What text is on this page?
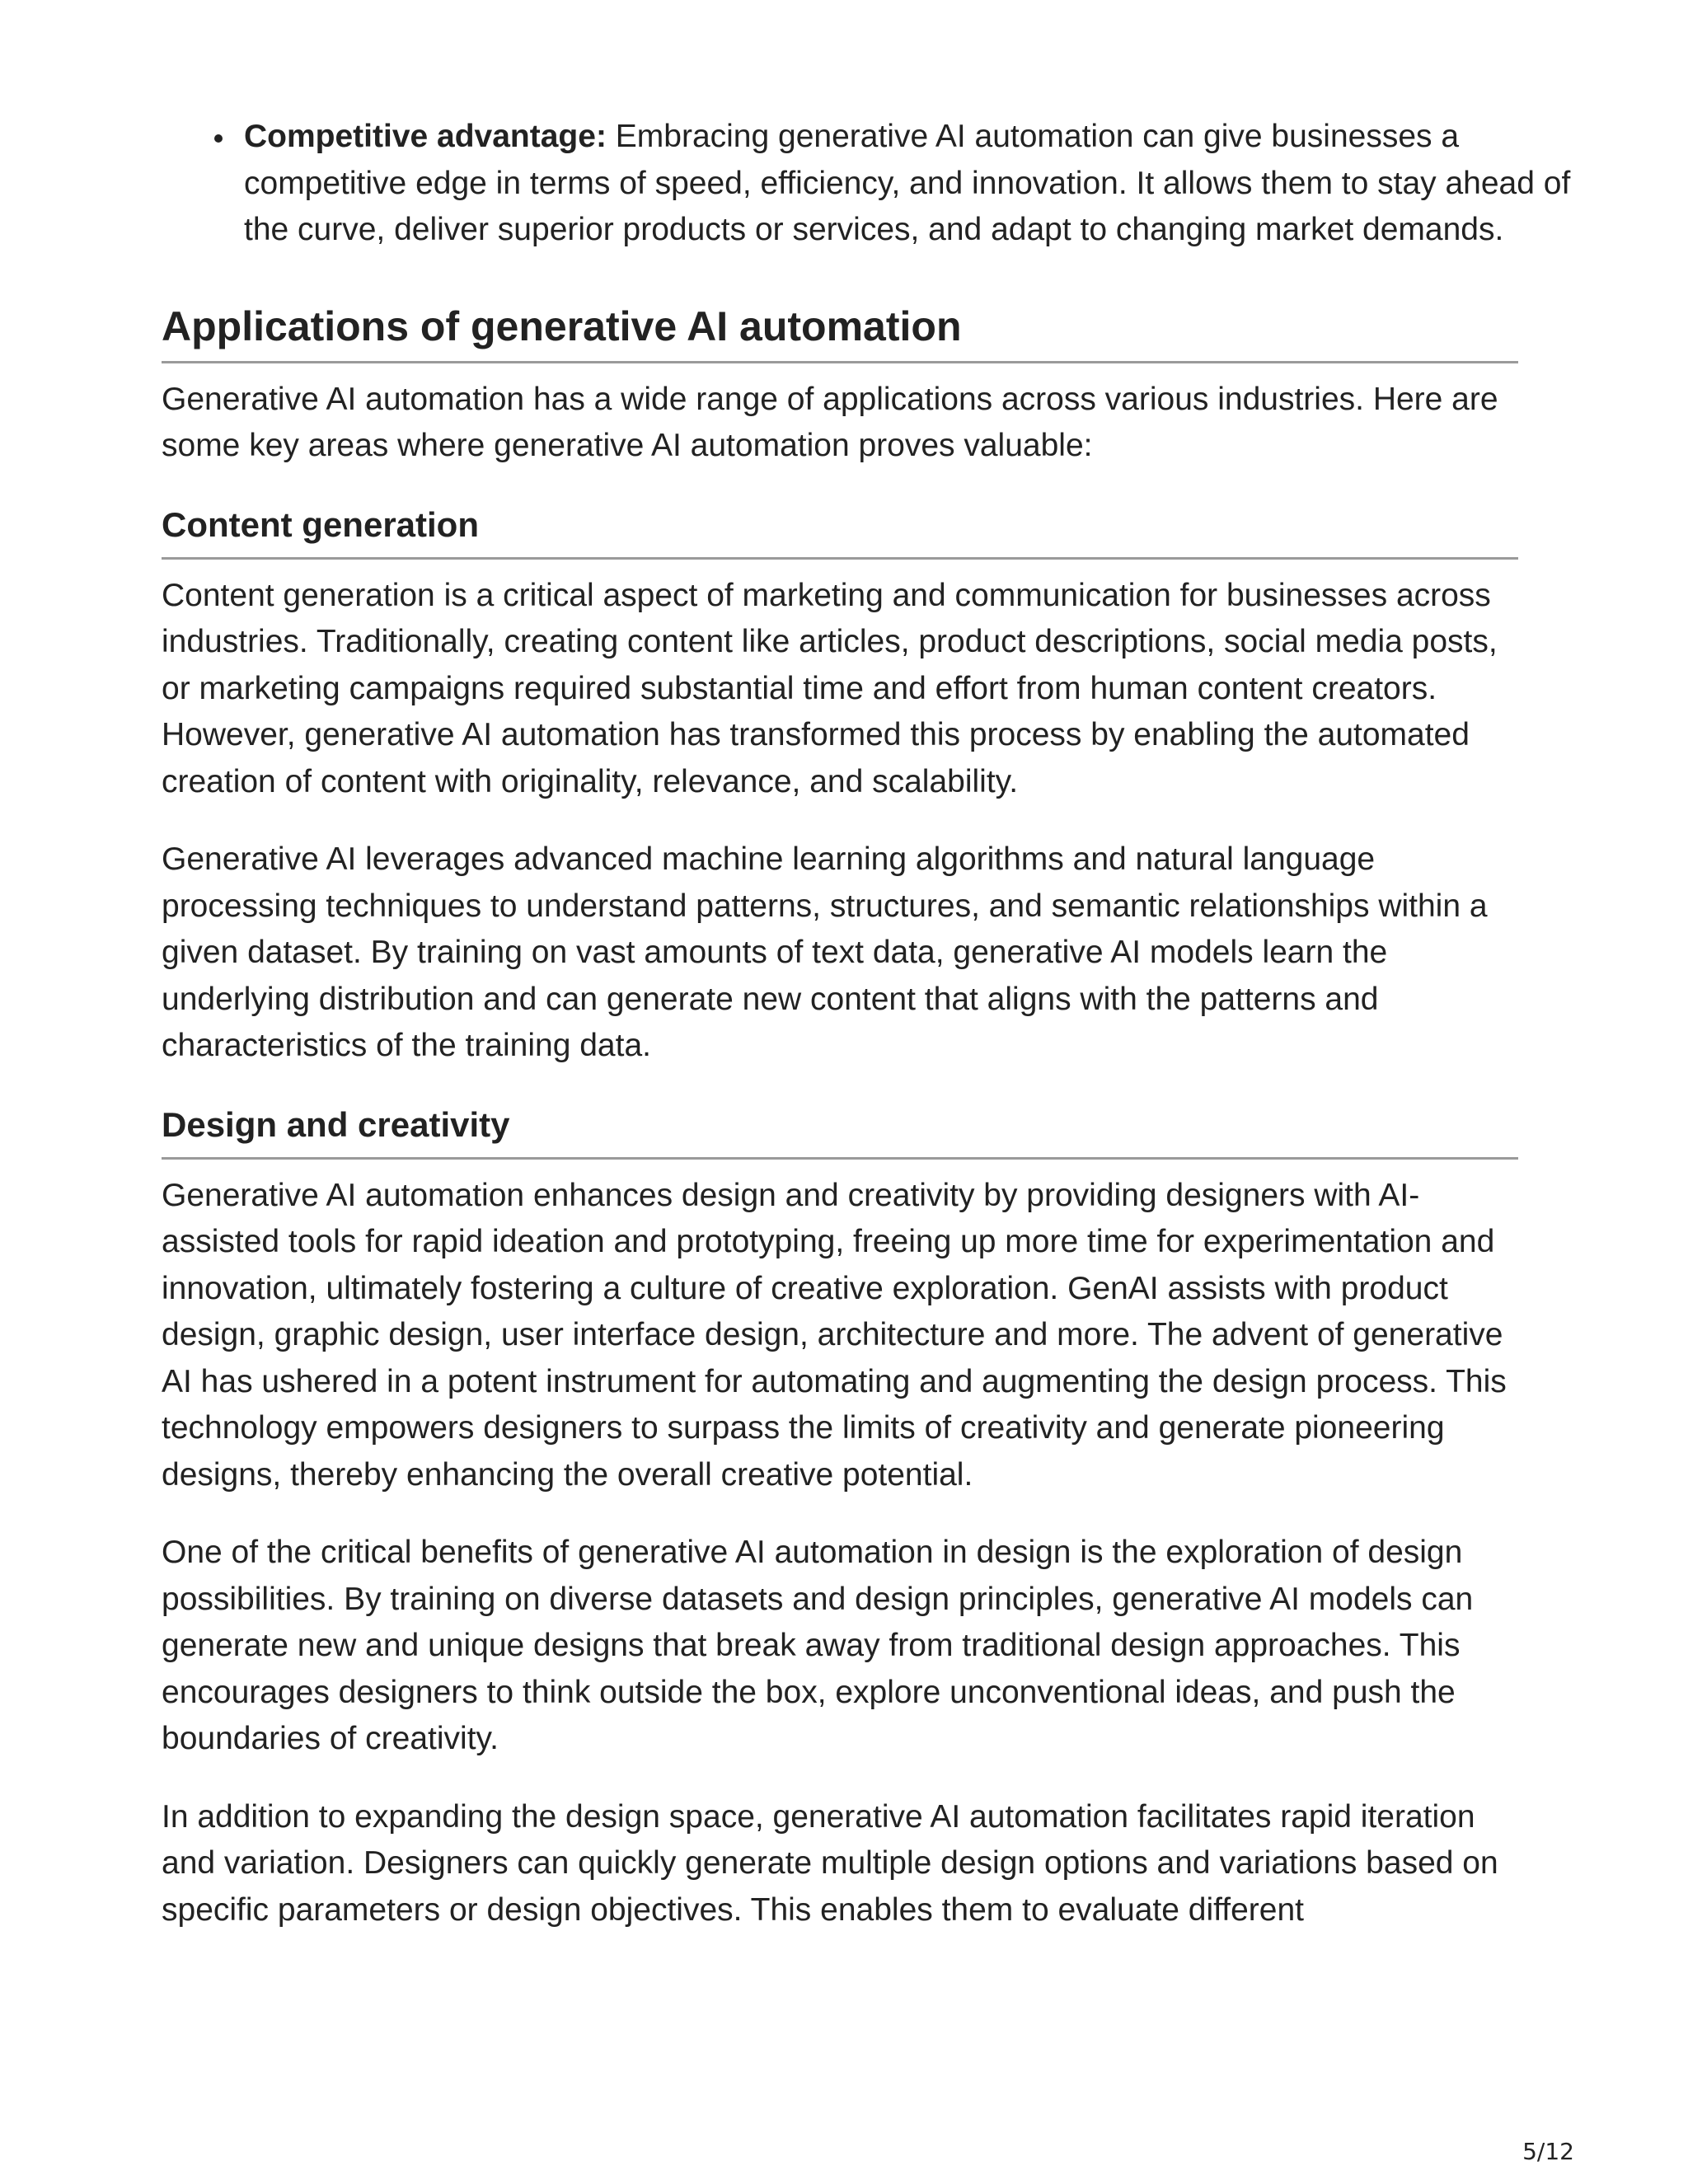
Competitive advantage: Embracing generative AI automation can give businesses a competitive edge in terms of speed, efficiency, and innovation. It allows them to stay ahead of the curve, deliver superior products or services, and adapt to changing market demands.
Applications of generative AI automation

Generative AI automation has a wide range of applications across various industries. Here are some key areas where generative AI automation proves valuable:

Content generation

Content generation is a critical aspect of marketing and communication for businesses across industries. Traditionally, creating content like articles, product descriptions, social media posts, or marketing campaigns required substantial time and effort from human content creators. However, generative AI automation has transformed this process by enabling the automated creation of content with originality, relevance, and scalability.

Generative AI leverages advanced machine learning algorithms and natural language processing techniques to understand patterns, structures, and semantic relationships within a given dataset. By training on vast amounts of text data, generative AI models learn the underlying distribution and can generate new content that aligns with the patterns and characteristics of the training data.

Design and creativity

Generative AI automation enhances design and creativity by providing designers with AI-assisted tools for rapid ideation and prototyping, freeing up more time for experimentation and innovation, ultimately fostering a culture of creative exploration. GenAI assists with product design, graphic design, user interface design, architecture and more. The advent of generative AI has ushered in a potent instrument for automating and augmenting the design process. This technology empowers designers to surpass the limits of creativity and generate pioneering designs, thereby enhancing the overall creative potential.

One of the critical benefits of generative AI automation in design is the exploration of design possibilities. By training on diverse datasets and design principles, generative AI models can generate new and unique designs that break away from traditional design approaches. This encourages designers to think outside the box, explore unconventional ideas, and push the boundaries of creativity.

In addition to expanding the design space, generative AI automation facilitates rapid iteration and variation. Designers can quickly generate multiple design options and variations based on specific parameters or design objectives. This enables them to evaluate different

5/12
